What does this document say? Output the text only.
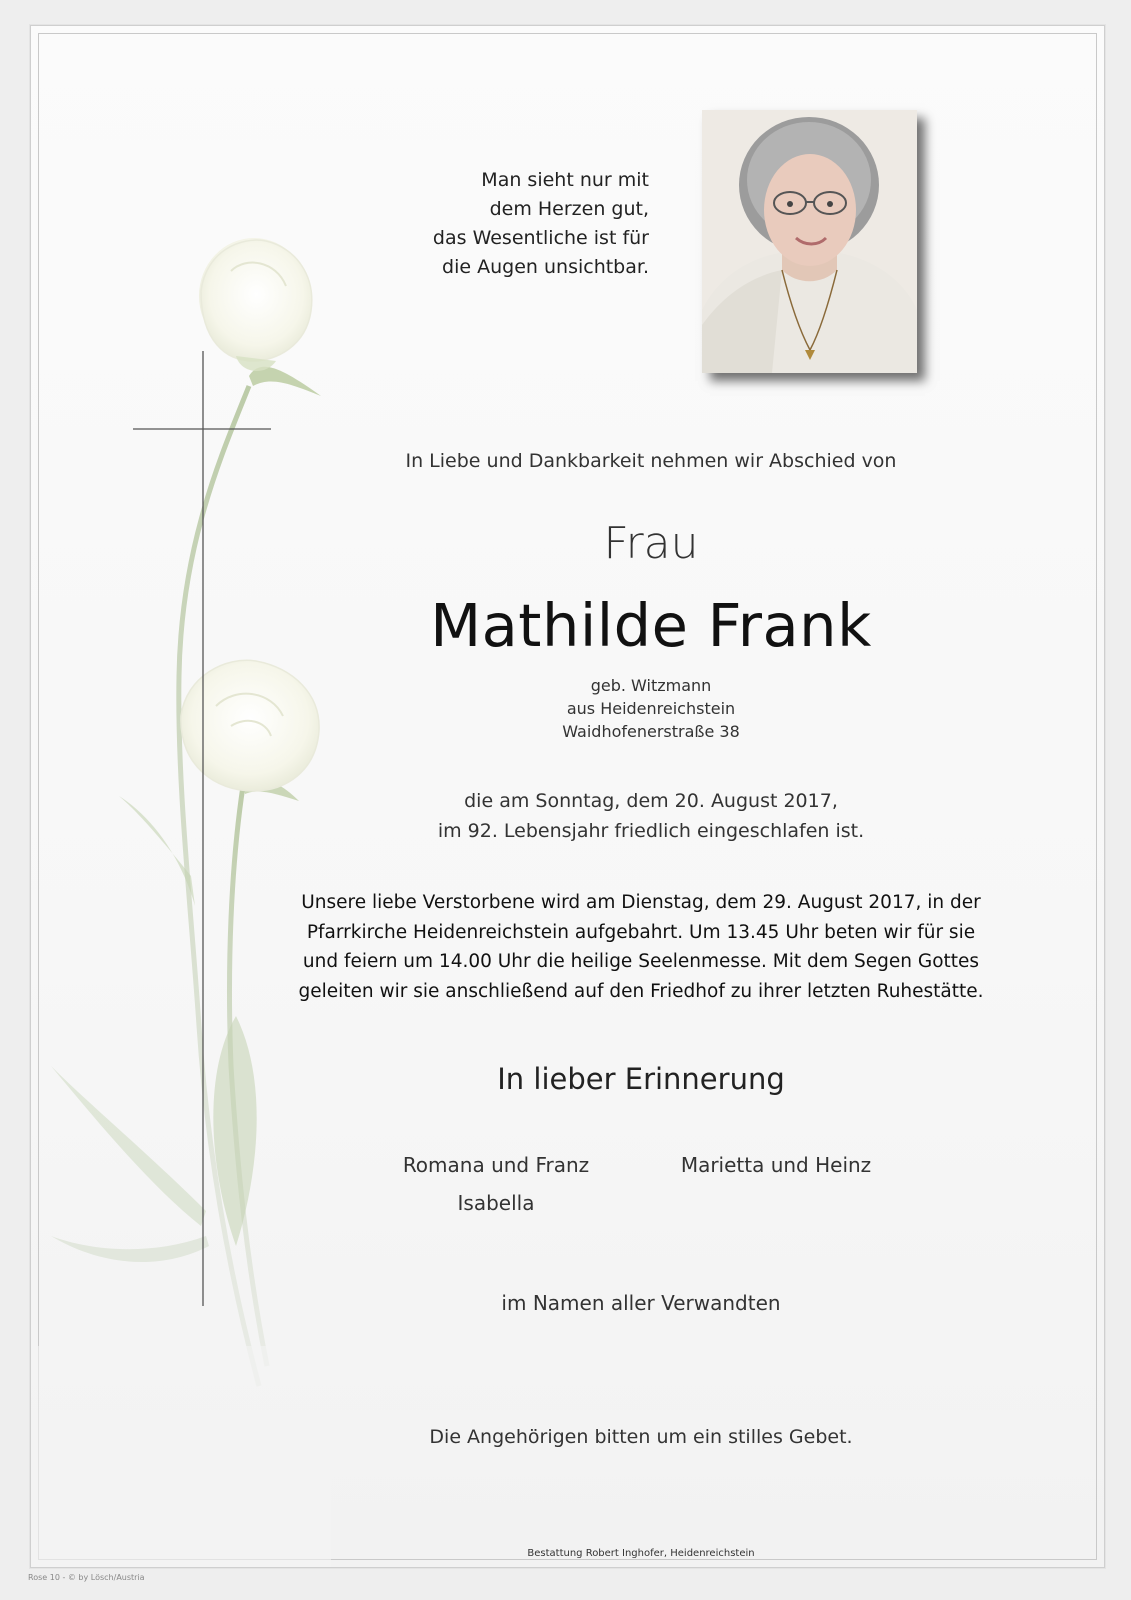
Man sieht nur mit
dem Herzen gut,
das Wesentliche ist für
die Augen unsichtbar.
In Liebe und Dankbarkeit nehmen wir Abschied von
Frau
Mathilde Frank
geb. Witzmann
aus Heidenreichstein
Waidhofenerstraße 38
die am Sonntag, dem 20. August 2017,
im 92. Lebensjahr friedlich eingeschlafen ist.
Unsere liebe Verstorbene wird am Dienstag, dem 29. August 2017, in der
Pfarrkirche Heidenreichstein aufgebahrt. Um 13.45 Uhr beten wir für sie
und feiern um 14.00 Uhr die heilige Seelenmesse. Mit dem Segen Gottes
geleiten wir sie anschließend auf den Friedhof zu ihrer letzten Ruhestätte.
In lieber Erinnerung
Romana und Franz
Isabella
Marietta und Heinz
im Namen aller Verwandten
Die Angehörigen bitten um ein stilles Gebet.
Bestattung Robert Inghofer, Heidenreichstein
Rose 10 - © by Lösch/Austria
